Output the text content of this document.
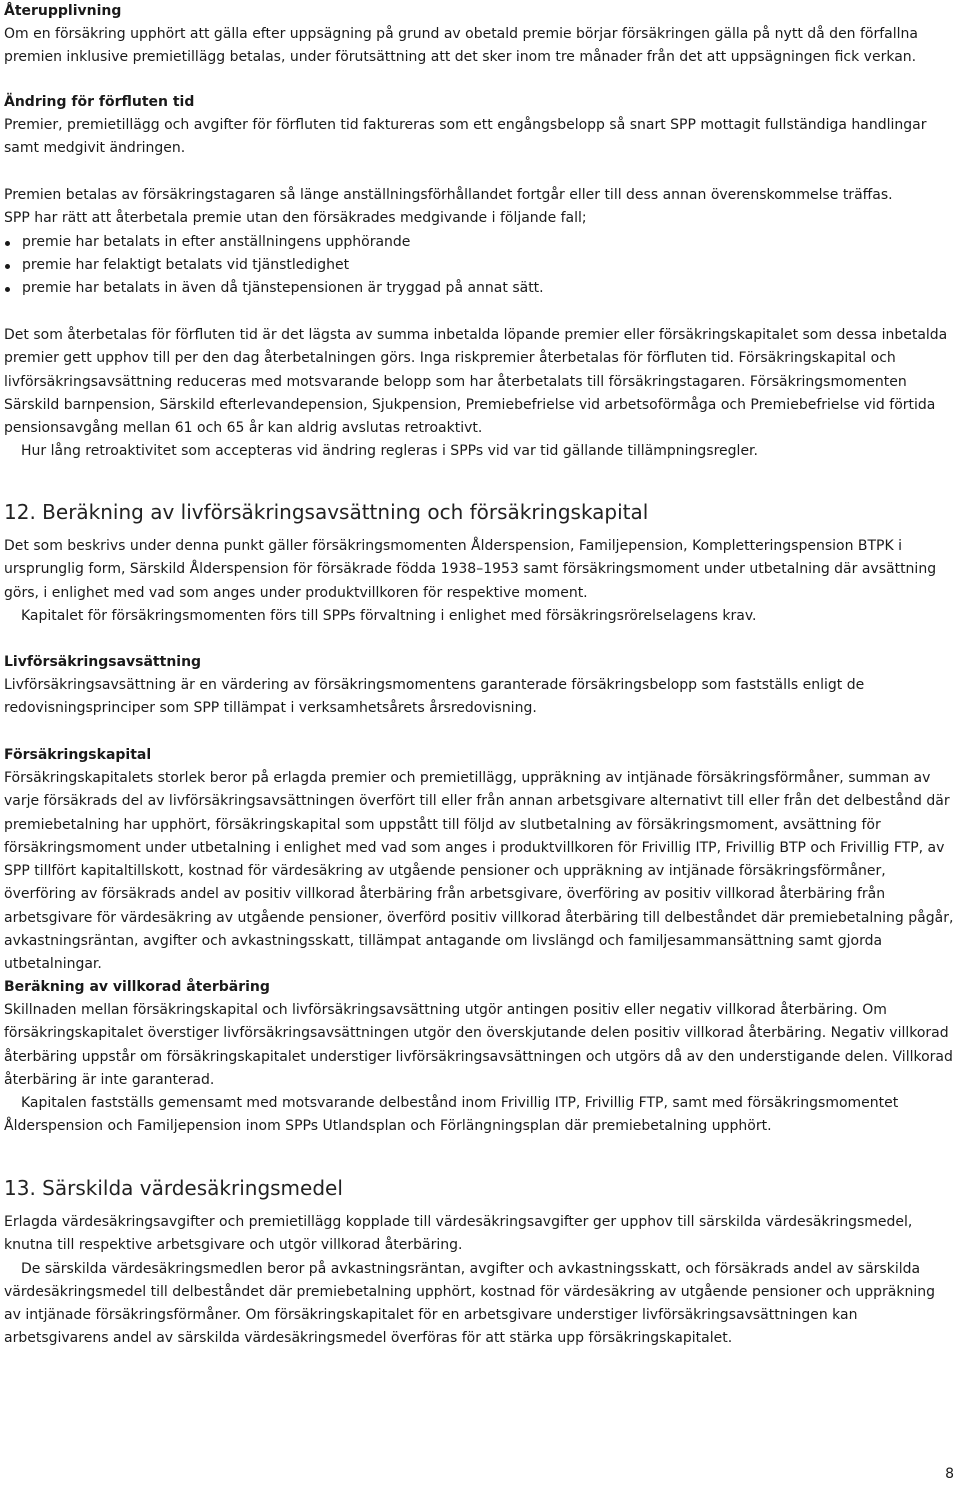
Återupplivning

Om en försäkring upphört att gälla efter uppsägning på grund av obetald premie börjar försäkringen gälla på nytt då den förfallna premien inklusive premietillägg betalas, under förutsättning att det sker inom tre månader från det att uppsägningen fick verkan.

Ändring för förfluten tid

Premier, premietillägg och avgifter för förfluten tid faktureras som ett engångsbelopp så snart SPP mottagit fullständiga handlingar samt medgivit ändringen.

Premien betalas av försäkringstagaren så länge anställningsförhållandet fortgår eller till dess annan överenskommelse träffas.

SPP har rätt att återbetala premie utan den försäkrades medgivande i följande fall;

premie har betalats in efter anställningens upphörande
premie har felaktigt betalats vid tjänstledighet
premie har betalats in även då tjänstepensionen är tryggad på annat sätt.

Det som återbetalas för förfluten tid är det lägsta av summa inbetalda löpande premier eller försäkringskapitalet som dessa inbetalda premier gett upphov till per den dag återbetalningen görs. Inga riskpremier återbetalas för förfluten tid. Försäkringskapital och livförsäkringsavsättning reduceras med motsvarande belopp som har återbetalats till försäkringstagaren. Försäkringsmomenten Särskild barnpension, Särskild efterlevandepension, Sjukpension, Premiebefrielse vid arbetsoförmåga och Premiebefrielse vid förtida pensionsavgång mellan 61 och 65 år kan aldrig avslutas retroaktivt.

Hur lång retroaktivitet som accepteras vid ändring regleras i SPPs vid var tid gällande tillämpningsregler.

12. Beräkning av livförsäkringsavsättning och försäkringskapital

Det som beskrivs under denna punkt gäller försäkringsmomenten Ålderspension, Familjepension, Kompletteringspension BTPK i ursprunglig form, Särskild Ålderspension för försäkrade födda 1938–1953 samt försäkringsmoment under utbetalning där avsättning görs, i enlighet med vad som anges under produktvillkoren för respektive moment.

Kapitalet för försäkringsmomenten förs till SPPs förvaltning i enlighet med försäkringsrörelselagens krav.

Livförsäkringsavsättning

Livförsäkringsavsättning är en värdering av försäkringsmomentens garanterade försäkringsbelopp som fastställs enligt de redovisningsprinciper som SPP tillämpat i verksamhetsårets årsredovisning.

Försäkringskapital

Försäkringskapitalets storlek beror på erlagda premier och premietillägg, uppräkning av intjänade försäkringsförmåner, summan av varje försäkrads del av livförsäkringsavsättningen överfört till eller från annan arbetsgivare alternativt till eller från det delbestånd där premiebetalning har upphört, försäkringskapital som uppstått till följd av slutbetalning av försäkringsmoment, avsättning för försäkringsmoment under utbetalning i enlighet med vad som anges i produktvillkoren för Frivillig ITP, Frivillig BTP och Frivillig FTP, av SPP tillfört kapitaltillskott, kostnad för värdesäkring av utgående pensioner och uppräkning av intjänade försäkringsförmåner, överföring av försäkrads andel av positiv villkorad återbäring från arbetsgivare, överföring av positiv villkorad återbäring från arbetsgivare för värdesäkring av utgående pensioner, överförd positiv villkorad återbäring till delbeståndet där premiebetalning pågår, avkastningsräntan, avgifter och avkastningsskatt, tillämpat antagande om livslängd och familjesammansättning samt gjorda utbetalningar.

Beräkning av villkorad återbäring

Skillnaden mellan försäkringskapital och livförsäkringsavsättning utgör antingen positiv eller negativ villkorad återbäring. Om försäkringskapitalet överstiger livförsäkringsavsättningen utgör den överskjutande delen positiv villkorad återbäring. Negativ villkorad återbäring uppstår om försäkringskapitalet understiger livförsäkringsavsättningen och utgörs då av den understigande delen. Villkorad återbäring är inte garanterad.

Kapitalen fastställs gemensamt med motsvarande delbestånd inom Frivillig ITP, Frivillig FTP, samt med försäkringsmomentet Ålderspension och Familjepension inom SPPs Utlandsplan och Förlängningsplan där premiebetalning upphört.

13. Särskilda värdesäkringsmedel

Erlagda värdesäkringsavgifter och premietillägg kopplade till värdesäkringsavgifter ger upphov till särskilda värdesäkringsmedel, knutna till respektive arbetsgivare och utgör villkorad återbäring.

De särskilda värdesäkringsmedlen beror på avkastningsräntan, avgifter och avkastningsskatt, och försäkrads andel av särskilda värdesäkringsmedel till delbeståndet där premiebetalning upphört, kostnad för värdesäkring av utgående pensioner och uppräkning av intjänade försäkringsförmåner. Om försäkringskapitalet för en arbetsgivare understiger livförsäkringsavsättningen kan arbetsgivarens andel av särskilda värdesäkringsmedel överföras för att stärka upp försäkringskapitalet.

8
